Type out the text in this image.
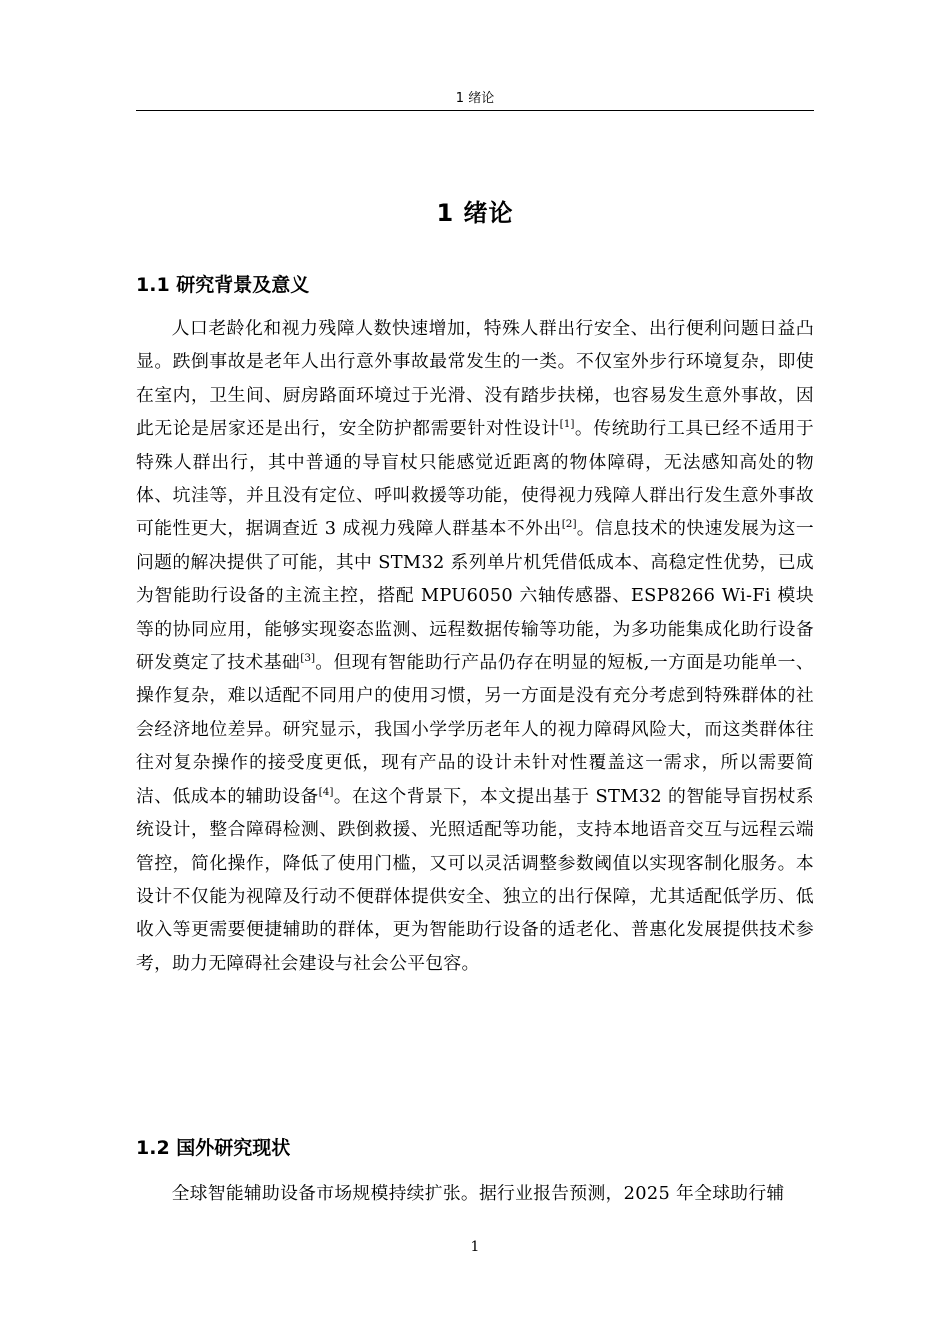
1 绪论
1 绪论
1.1 研究背景及意义

人口老龄化和视力残障人数快速增加，特殊人群出行安全、出行便利问题日益凸显。跌倒事故是老年人出行意外事故最常发生的一类。不仅室外步行环境复杂，即使在室内，卫生间、厨房路面环境过于光滑、没有踏步扶梯，也容易发生意外事故，因此无论是居家还是出行，安全防护都需要针对性设计[1]。传统助行工具已经不适用于特殊人群出行，其中普通的导盲杖只能感觉近距离的物体障碍，无法感知高处的物体、坑洼等，并且没有定位、呼叫救援等功能，使得视力残障人群出行发生意外事故可能性更大，据调查近 3 成视力残障人群基本不外出[2]。信息技术的快速发展为这一问题的解决提供了可能，其中 STM32 系列单片机凭借低成本、高稳定性优势，已成为智能助行设备的主流主控，搭配 MPU6050 六轴传感器、ESP8266 Wi-Fi 模块等的协同应用，能够实现姿态监测、远程数据传输等功能，为多功能集成化助行设备研发奠定了技术基础[3]。但现有智能助行产品仍存在明显的短板,一方面是功能单一、操作复杂，难以适配不同用户的使用习惯，另一方面是没有充分考虑到特殊群体的社会经济地位差异。研究显示，我国小学学历老年人的视力障碍风险大，而这类群体往往对复杂操作的接受度更低，现有产品的设计未针对性覆盖这一需求，所以需要简洁、低成本的辅助设备[4]。在这个背景下，本文提出基于 STM32 的智能导盲拐杖系统设计，整合障碍检测、跌倒救援、光照适配等功能，支持本地语音交互与远程云端管控，简化操作，降低了使用门槛，又可以灵活调整参数阈值以实现客制化服务。本设计不仅能为视障及行动不便群体提供安全、独立的出行保障，尤其适配低学历、低收入等更需要便捷辅助的群体，更为智能助行设备的适老化、普惠化发展提供技术参考，助力无障碍社会建设与社会公平包容。

1.2 国外研究现状

全球智能辅助设备市场规模持续扩张。据行业报告预测，2025 年全球助行辅

1
